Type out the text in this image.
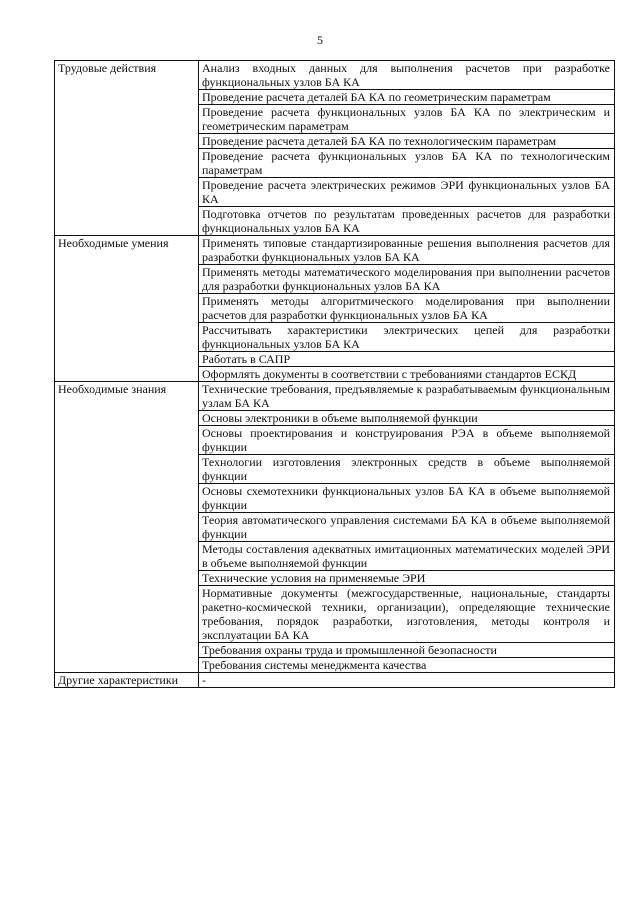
5
Трудовые действия	Анализ входных данных для выполнения расчетов при разработке функциональных узлов БА КА
	Проведение расчета деталей БА КА по геометрическим параметрам
	Проведение расчета функциональных узлов БА КА по электрическим и геометрическим параметрам
	Проведение расчета деталей БА КА по технологическим параметрам
	Проведение расчета функциональных узлов БА КА по технологическим параметрам
	Проведение расчета электрических режимов ЭРИ функциональных узлов БА КА
	Подготовка отчетов по результатам проведенных расчетов для разработки функциональных узлов БА КА
Необходимые умения	Применять типовые стандартизированные решения выполнения расчетов для разработки функциональных узлов БА КА
	Применять методы математического моделирования при выполнении расчетов для разработки функциональных узлов БА КА
	Применять методы алгоритмического моделирования при выполнении расчетов для разработки функциональных узлов БА КА
	Рассчитывать характеристики электрических цепей для разработки функциональных узлов БА КА
	Работать в САПР
	Оформлять документы в соответствии с требованиями стандартов ЕСКД
Необходимые знания	Технические требования, предъявляемые к разрабатываемым функциональным узлам БА КА
	Основы электроники в объеме выполняемой функции
	Основы проектирования и конструирования РЭА в объеме выполняемой функции
	Технологии изготовления электронных средств в объеме выполняемой функции
	Основы схемотехники функциональных узлов БА КА в объеме выполняемой функции
	Теория автоматического управления системами БА КА в объеме выполняемой функции
	Методы составления адекватных имитационных математических моделей ЭРИ в объеме выполняемой функции
	Технические условия на применяемые ЭРИ
	Нормативные документы (межгосударственные, национальные, стандарты ракетно-космической техники, организации), определяющие технические требования, порядок разработки, изготовления, методы контроля и эксплуатации БА КА
	Требования охраны труда и промышленной безопасности
	Требования системы менеджмента качества
Другие характеристики	-
